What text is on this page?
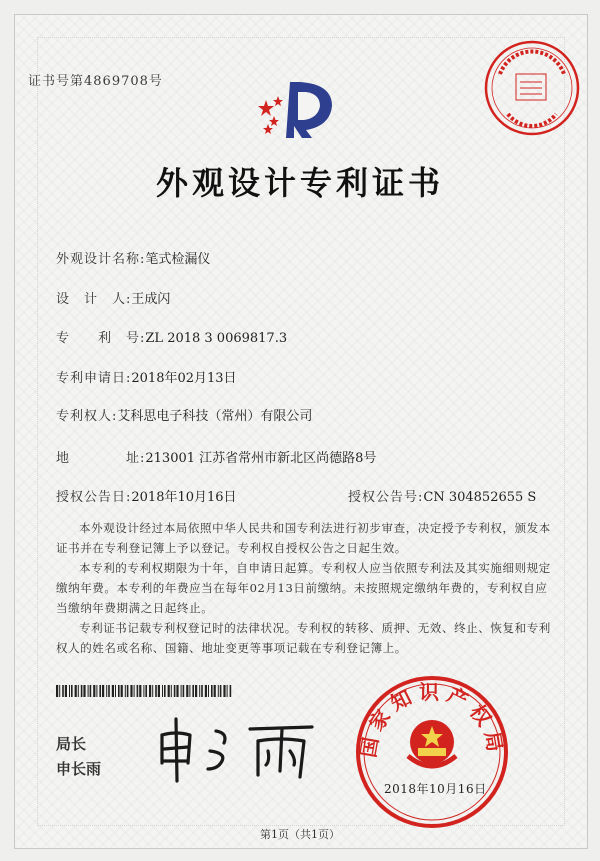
证书号第4869708号
外观设计专利证书
外观设计名称:笔式检漏仪
设　计　人:王成闪
专　　利　号:ZL 2018 3 0069817.3
专利申请日:2018年02月13日
专利权人:艾科思电子科技（常州）有限公司
地　　　　址:213001 江苏省常州市新北区尚德路8号
授权公告日:2018年10月16日	授权公告号:CN 304852655 S
本外观设计经过本局依照中华人民共和国专利法进行初步审查，决定授予专利权，颁发本证书并在专利登记簿上予以登记。专利权自授权公告之日起生效。
本专利的专利权期限为十年，自申请日起算。专利权人应当依照专利法及其实施细则规定缴纳年费。本专利的年费应当在每年02月13日前缴纳。未按照规定缴纳年费的，专利权自应当缴纳年费期满之日起终止。
专利证书记载专利权登记时的法律状况。专利权的转移、质押、无效、终止、恢复和专利权人的姓名或名称、国籍、地址变更等事项记载在专利登记簿上。
局长
申长雨
国家知识产权局
2018年10月16日
第1页（共1页）
